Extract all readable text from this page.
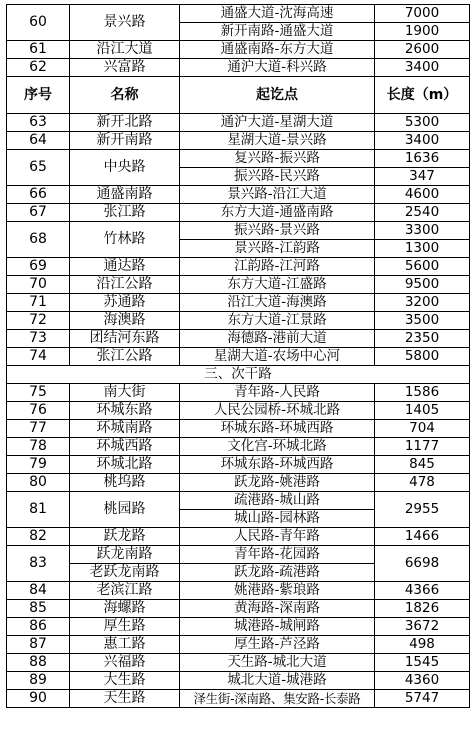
60	景兴路	通盛大道-沈海高速	7000
		新开南路-通盛大道	1900
61	沿江大道	通盛南路-东方大道	2600
62	兴富路	通沪大道-科兴路	3400
序号	名称	起讫点	长度（m）
63	新开北路	通沪大道-星湖大道	5300
64	新开南路	星湖大道-景兴路	3400
65	中央路	复兴路-振兴路	1636
		振兴路-民兴路	347
66	通盛南路	景兴路-沿江大道	4600
67	张江路	东方大道-通盛南路	2540
68	竹林路	振兴路-景兴路	3300
		景兴路-江韵路	1300
69	通达路	江韵路-江河路	5600
70	沿江公路	东方大道-江盛路	9500
71	苏通路	沿江大道-海澳路	3200
72	海澳路	东方大道-江景路	3500
73	团结河东路	海德路-港前大道	2350
74	张江公路	星湖大道-农场中心河	5800
三、次干路			
75	南大街	青年路-人民路	1586
76	环城东路	人民公园桥-环城北路	1405
77	环城南路	环城东路-环城西路	704
78	环城西路	文化宫-环城北路	1177
79	环城北路	环城东路-环城西路	845
80	桃坞路	跃龙路-姚港路	478
81	桃园路	疏港路-城山路	2955
		城山路-园林路	
82	跃龙路	人民路-青年路	1466
83	跃龙南路	青年路-花园路	6698
	老跃龙南路	跃龙路-疏港路	
84	老滨江路	姚港路-紫琅路	4366
85	海螺路	黄海路-深南路	1826
86	厚生路	城港路-城闸路	3672
87	惠工路	厚生路-芦泾路	498
88	兴福路	天生路-城北大道	1545
89	大生路	城北大道-城港路	4360
90	天生路	泽生街-深南路、集安路-长泰路	5747
